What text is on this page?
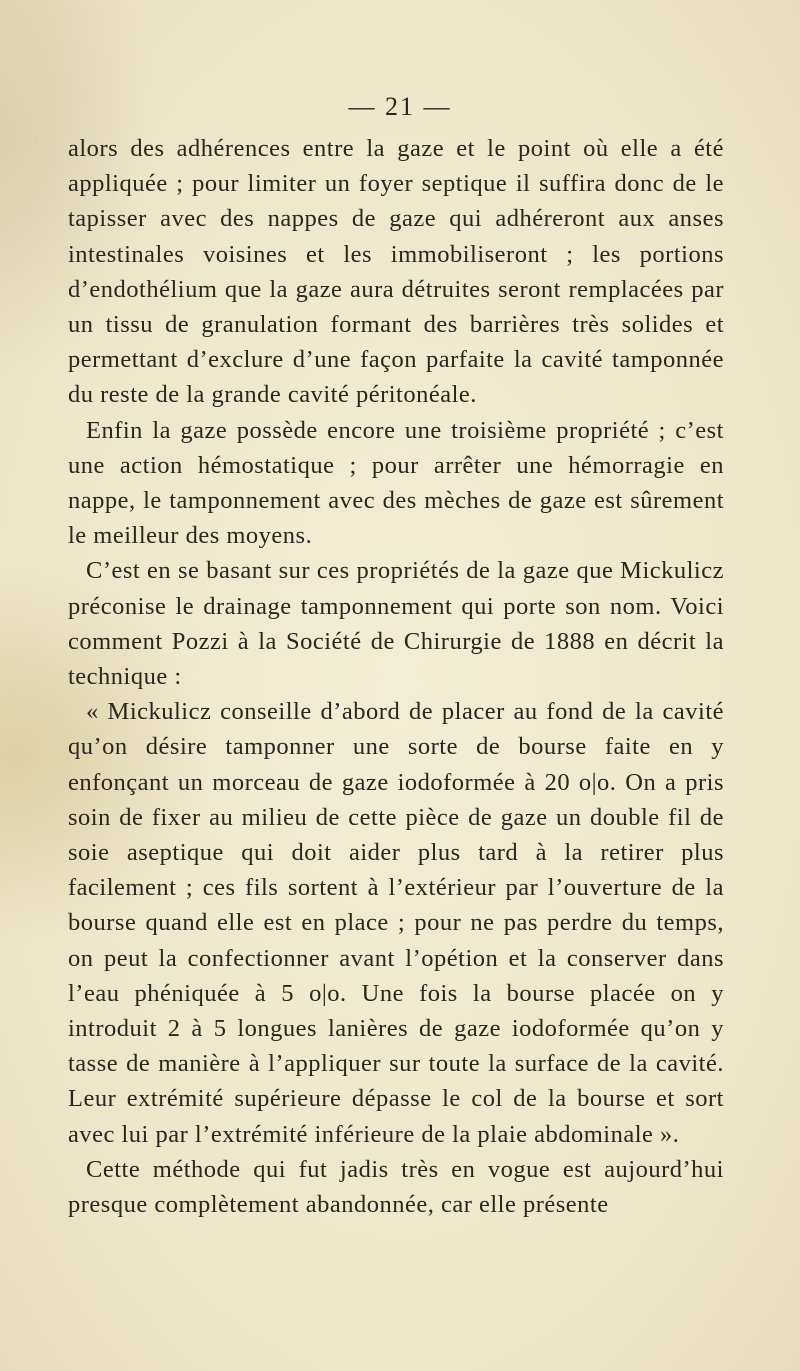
— 21 —

alors des adhérences entre la gaze et le point où elle a été appliquée ; pour limiter un foyer septique il suffira donc de le tapisser avec des nappes de gaze qui adhéreront aux anses intestinales voisines et les immobiliseront ; les portions d’endothélium que la gaze aura détruites seront remplacées par un tissu de granulation formant des barrières très solides et permettant d’exclure d’une façon parfaite la cavité tamponnée du reste de la grande cavité péritonéale.

Enfin la gaze possède encore une troisième propriété ; c’est une action hémostatique ; pour arrêter une hémorragie en nappe, le tamponnement avec des mèches de gaze est sûrement le meilleur des moyens.

C’est en se basant sur ces propriétés de la gaze que Mickulicz préconise le drainage tamponnement qui porte son nom. Voici comment Pozzi à la Société de Chirurgie de 1888 en décrit la technique :

« Mickulicz conseille d’abord de placer au fond de la cavité qu’on désire tamponner une sorte de bourse faite en y enfonçant un morceau de gaze iodoformée à 20 o|o. On a pris soin de fixer au milieu de cette pièce de gaze un double fil de soie aseptique qui doit aider plus tard à la retirer plus facilement ; ces fils sortent à l’extérieur par l’ouverture de la bourse quand elle est en place ; pour ne pas perdre du temps, on peut la confectionner avant l’opétion et la conserver dans l’eau phéniquée à 5 o|o. Une fois la bourse placée on y introduit 2 à 5 longues lanières de gaze iodoformée qu’on y tasse de manière à l’appliquer sur toute la surface de la cavité. Leur extrémité supérieure dépasse le col de la bourse et sort avec lui par l’extrémité inférieure de la plaie abdominale ».

Cette méthode qui fut jadis très en vogue est aujourd’hui presque complètement abandonnée, car elle présente
